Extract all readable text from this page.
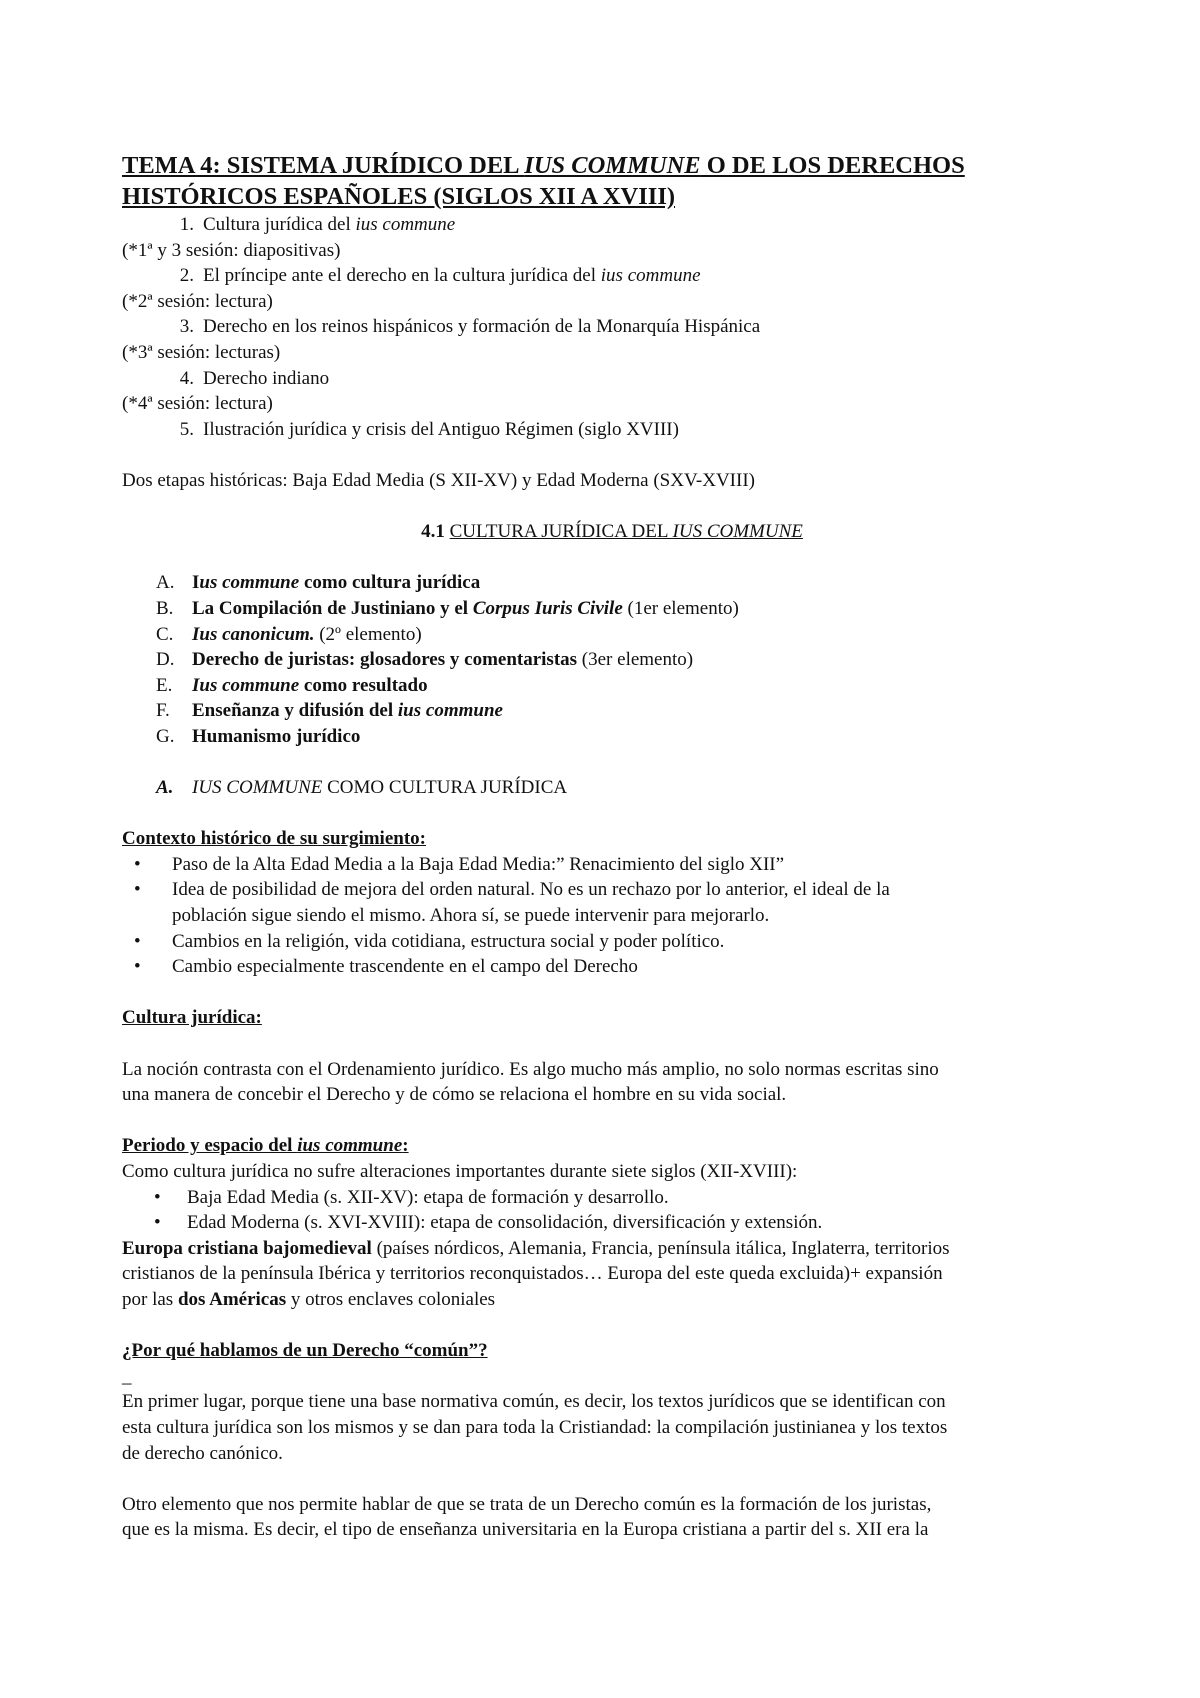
TEMA 4: SISTEMA JURÍDICO DEL IUS COMMUNE O DE LOS DERECHOS
HISTÓRICOS ESPAÑOLES (SIGLOS XII A XVIII)
1. Cultura jurídica del ius commune
(*1ª y 3 sesión: diapositivas)
2. El príncipe ante el derecho en la cultura jurídica del ius commune
(*2ª sesión: lectura)
3. Derecho en los reinos hispánicos y formación de la Monarquía Hispánica
(*3ª sesión: lecturas)
4. Derecho indiano
(*4ª sesión: lectura)
5. Ilustración jurídica y crisis del Antiguo Régimen (siglo XVIII)
Dos etapas históricas: Baja Edad Media (S XII-XV) y Edad Moderna (SXV-XVIII)
4.1 CULTURA JURÍDICA DEL IUS COMMUNE
A. Ius commune como cultura jurídica
B. La Compilación de Justiniano y el Corpus Iuris Civile (1er elemento)
C. Ius canonicum. (2º elemento)
D. Derecho de juristas: glosadores y comentaristas (3er elemento)
E. Ius commune como resultado
F. Enseñanza y difusión del ius commune
G. Humanismo jurídico
A. IUS COMMUNE COMO CULTURA JURÍDICA
Contexto histórico de su surgimiento:
• Paso de la Alta Edad Media a la Baja Edad Media:” Renacimiento del siglo XII”
• Idea de posibilidad de mejora del orden natural. No es un rechazo por lo anterior, el ideal de la
población sigue siendo el mismo. Ahora sí, se puede intervenir para mejorarlo.
• Cambios en la religión, vida cotidiana, estructura social y poder político.
• Cambio especialmente trascendente en el campo del Derecho
Cultura jurídica:

La noción contrasta con el Ordenamiento jurídico. Es algo mucho más amplio, no solo normas escritas sino
una manera de concebir el Derecho y de cómo se relaciona el hombre en su vida social.

Periodo y espacio del ius commune:
Como cultura jurídica no sufre alteraciones importantes durante siete siglos (XII-XVIII):
• Baja Edad Media (s. XII-XV): etapa de formación y desarrollo.
• Edad Moderna (s. XVI-XVIII): etapa de consolidación, diversificación y extensión.

Europa cristiana bajomedieval (países nórdicos, Alemania, Francia, península itálica, Inglaterra, territorios
cristianos de la península Ibérica y territorios reconquistados… Europa del este queda excluida)+ expansión
por las dos Américas y otros enclaves coloniales

¿Por qué hablamos de un Derecho “común”?
_

En primer lugar, porque tiene una base normativa común, es decir, los textos jurídicos que se identifican con
esta cultura jurídica son los mismos y se dan para toda la Cristiandad: la compilación justinianea y los textos
de derecho canónico.

Otro elemento que nos permite hablar de que se trata de un Derecho común es la formación de los juristas,
que es la misma. Es decir, el tipo de enseñanza universitaria en la Europa cristiana a partir del s. XII era la
